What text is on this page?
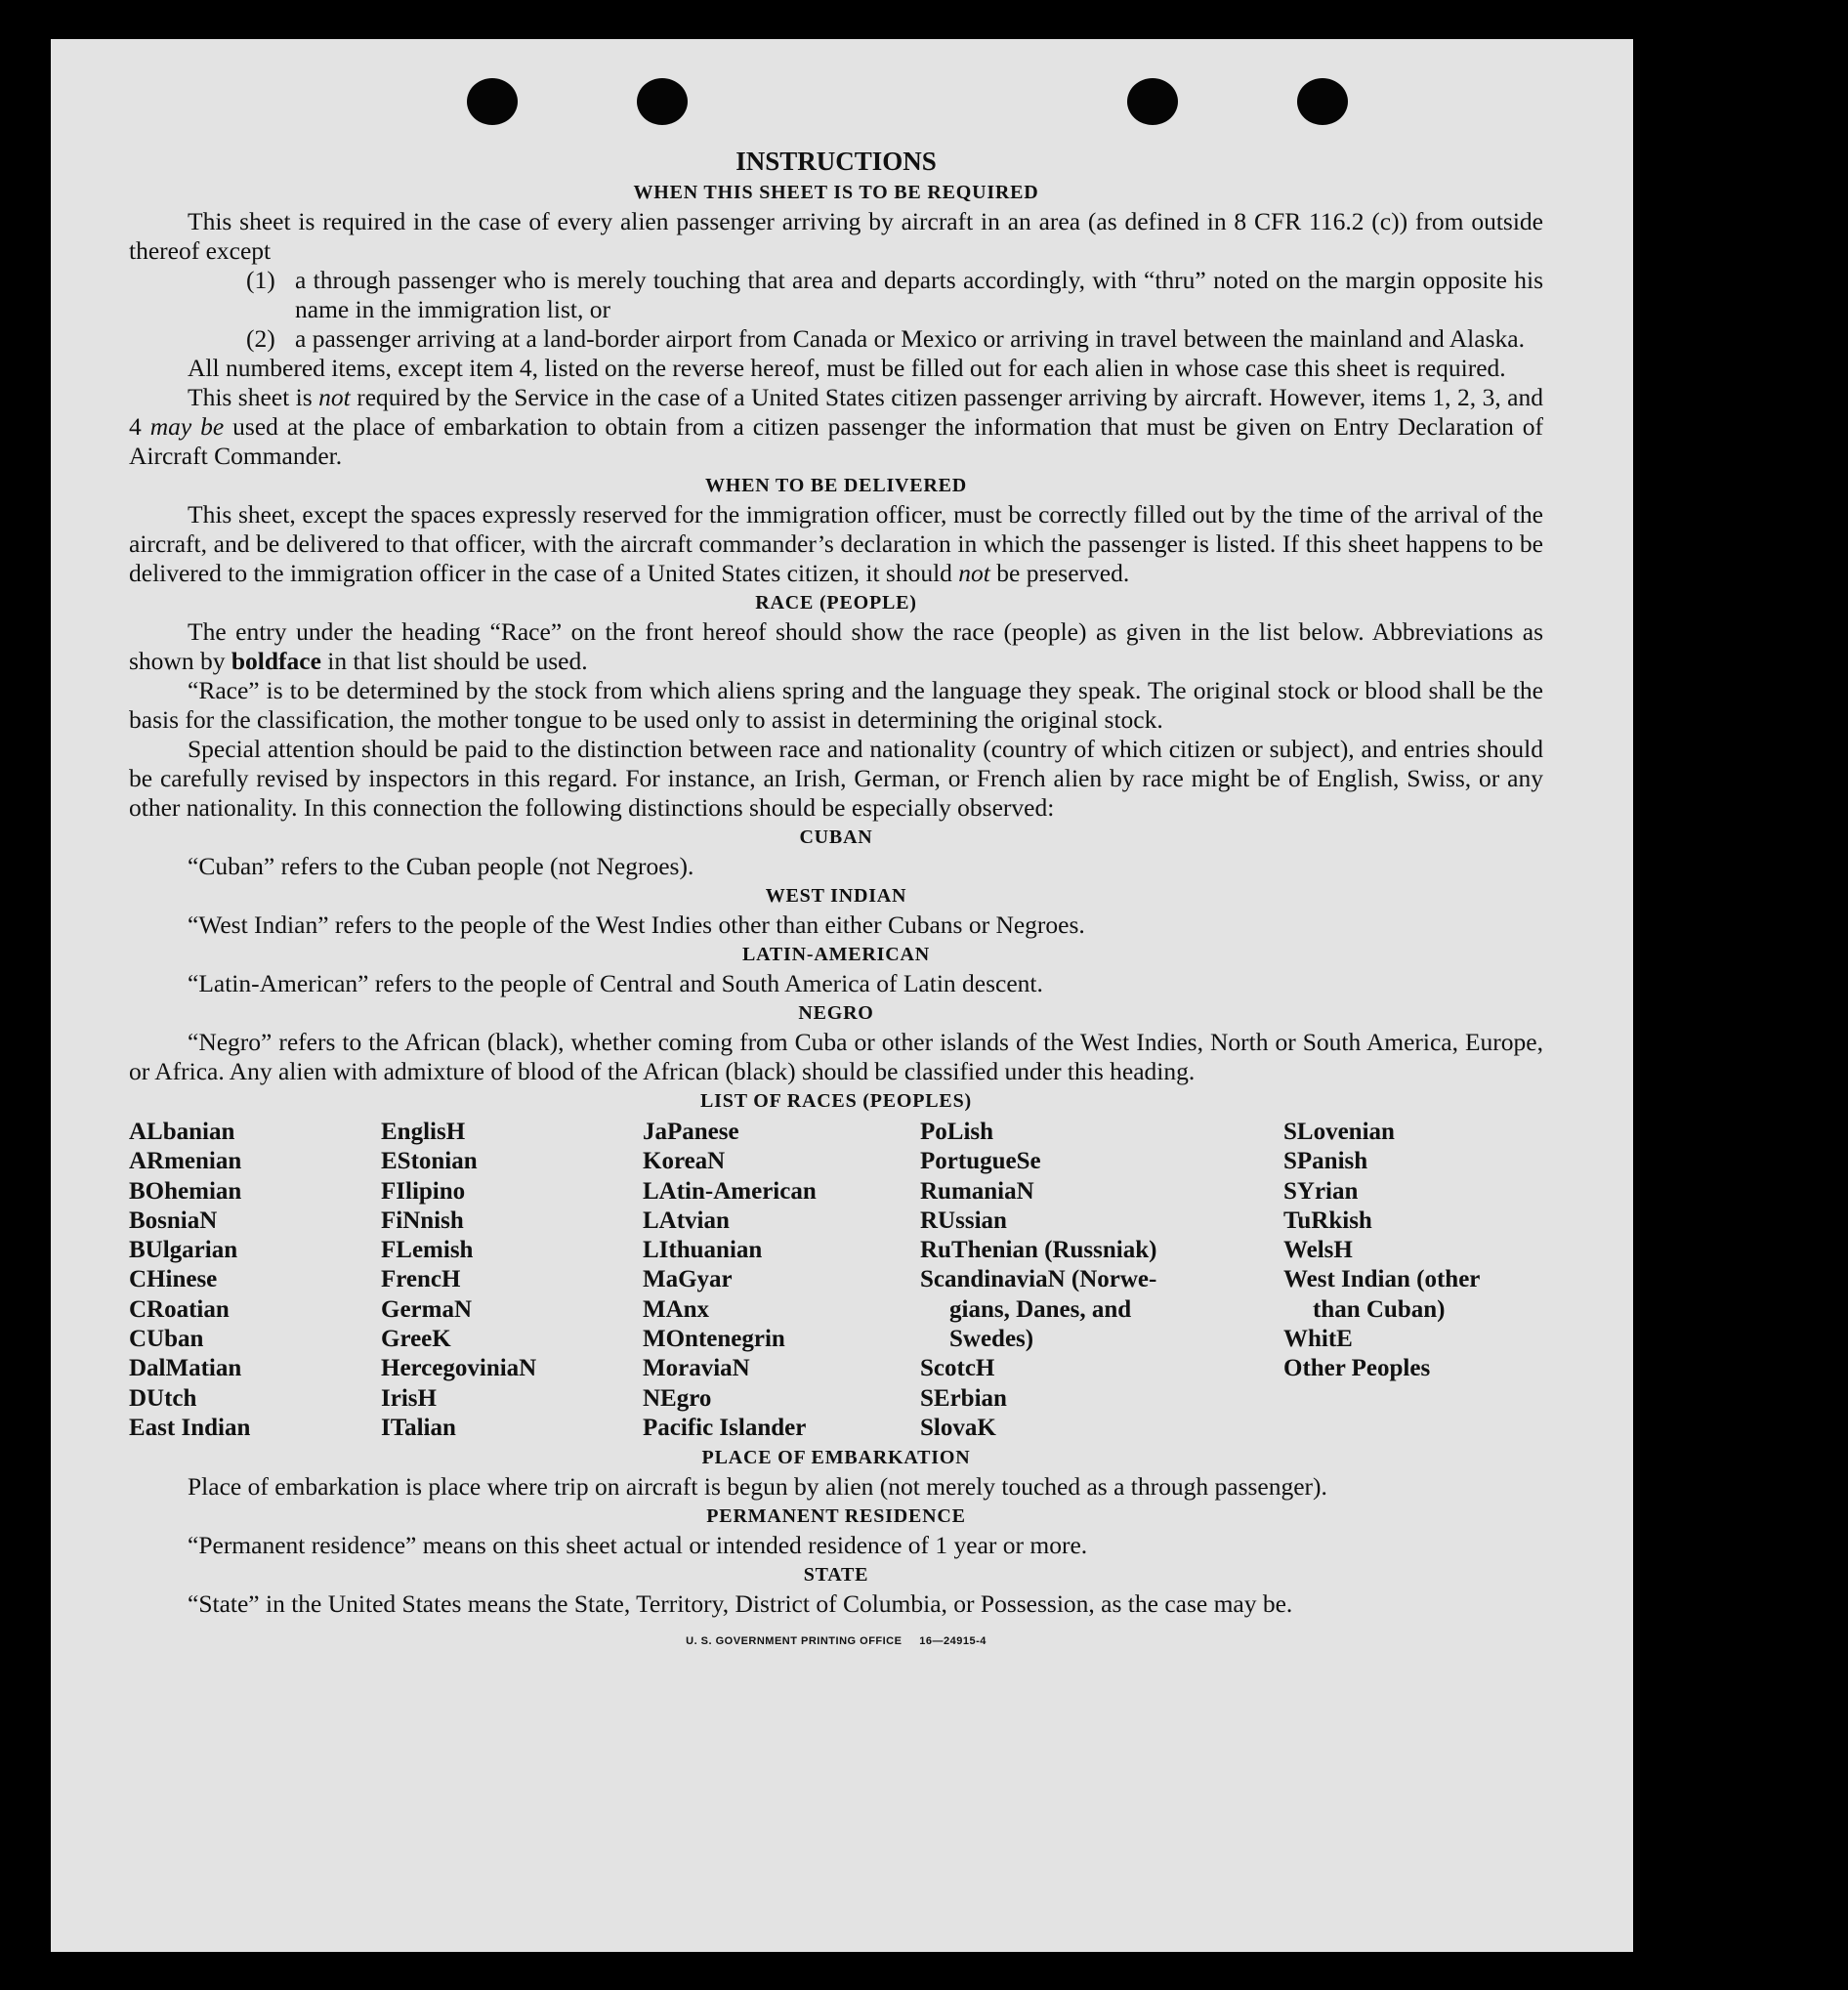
INSTRUCTIONS
WHEN THIS SHEET IS TO BE REQUIRED

This sheet is required in the case of every alien passenger arriving by aircraft in an area (as defined in 8 CFR 116.2 (c)) from outside thereof except

(1) a through passenger who is merely touching that area and departs accordingly, with “thru” noted on the margin opposite his name in the immigration list, or
(2) a passenger arriving at a land-border airport from Canada or Mexico or arriving in travel between the mainland and Alaska.

All numbered items, except item 4, listed on the reverse hereof, must be filled out for each alien in whose case this sheet is required.

This sheet is not required by the Service in the case of a United States citizen passenger arriving by aircraft. However, items 1, 2, 3, and 4 may be used at the place of embarkation to obtain from a citizen passenger the information that must be given on Entry Declaration of Aircraft Commander.

WHEN TO BE DELIVERED

This sheet, except the spaces expressly reserved for the immigration officer, must be correctly filled out by the time of the arrival of the aircraft, and be delivered to that officer, with the aircraft commander’s declaration in which the passenger is listed. If this sheet happens to be delivered to the immigration officer in the case of a United States citizen, it should not be preserved.

RACE (PEOPLE)

The entry under the heading “Race” on the front hereof should show the race (people) as given in the list below. Abbreviations as shown by boldface in that list should be used.

“Race” is to be determined by the stock from which aliens spring and the language they speak. The original stock or blood shall be the basis for the classification, the mother tongue to be used only to assist in determining the original stock.

Special attention should be paid to the distinction between race and nationality (country of which citizen or subject), and entries should be carefully revised by inspectors in this regard. For instance, an Irish, German, or French alien by race might be of English, Swiss, or any other nationality. In this connection the following distinctions should be especially observed:

CUBAN

“Cuban” refers to the Cuban people (not Negroes).

WEST INDIAN

“West Indian” refers to the people of the West Indies other than either Cubans or Negroes.

LATIN-AMERICAN

“Latin-American” refers to the people of Central and South America of Latin descent.

NEGRO

“Negro” refers to the African (black), whether coming from Cuba or other islands of the West Indies, North or South America, Europe, or Africa. Any alien with admixture of blood of the African (black) should be classified under this heading.

LIST OF RACES (PEOPLES)
ALbanian
ARmenian
BOhemian
BosniaN
BUlgarian
CHinese
CRoatian
CUban
DalMatian
DUtch
East Indian
EnglisH
EStonian
FIlipino
FiNnish
FLemish
FrencH
GermaN
GreeK
HercegoviniaN
IrisH
ITalian
JaPanese
KoreaN
LAtin-American
LAtvian
LIthuanian
MaGyar
MAnx
MOntenegrin
MoraviaN
NEgro
Pacific Islander
PoLish
PortugueSe
RumaniaN
RUssian
RuThenian (Russniak)
ScandinaviaN (Norwe-
gians, Danes, and
Swedes)
ScotcH
SErbian
SlovaK
SLovenian
SPanish
SYrian
TuRkish
WelsH
West Indian (other
than Cuban)
WhitE
Other Peoples
PLACE OF EMBARKATION

Place of embarkation is place where trip on aircraft is begun by alien (not merely touched as a through passenger).

PERMANENT RESIDENCE

“Permanent residence” means on this sheet actual or intended residence of 1 year or more.

STATE

“State” in the United States means the State, Territory, District of Columbia, or Possession, as the case may be.

U. S. GOVERNMENT PRINTING OFFICE     16—24915-4
